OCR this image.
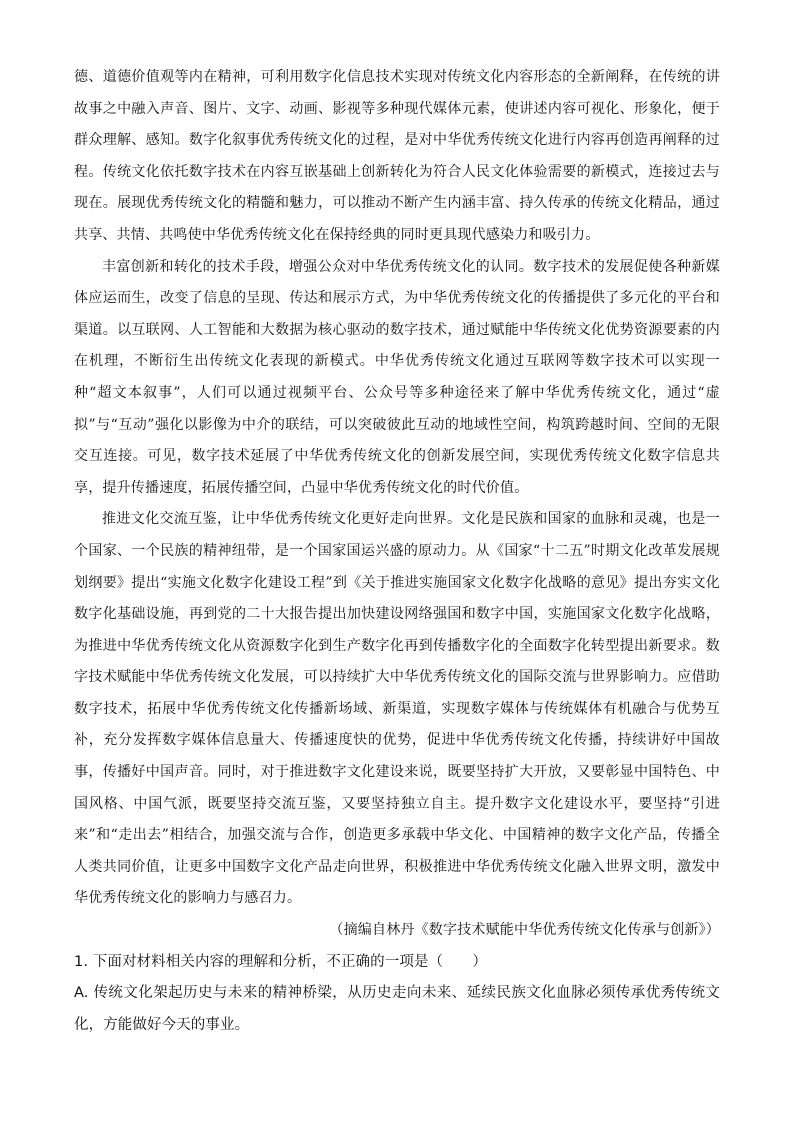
德、道德价值观等内在精神，可利用数字化信息技术实现对传统文化内容形态的全新阐释，在传统的讲故事之中融入声音、图片、文字、动画、影视等多种现代媒体元素，使讲述内容可视化、形象化，便于群众理解、感知。数字化叙事优秀传统文化的过程，是对中华优秀传统文化进行内容再创造再阐释的过程。传统文化依托数字技术在内容互嵌基础上创新转化为符合人民文化体验需要的新模式，连接过去与现在。展现优秀传统文化的精髓和魅力，可以推动不断产生内涵丰富、持久传承的传统文化精品，通过共享、共情、共鸣使中华优秀传统文化在保持经典的同时更具现代感染力和吸引力。

丰富创新和转化的技术手段，增强公众对中华优秀传统文化的认同。数字技术的发展促使各种新媒体应运而生，改变了信息的呈现、传达和展示方式，为中华优秀传统文化的传播提供了多元化的平台和渠道。以互联网、人工智能和大数据为核心驱动的数字技术，通过赋能中华传统文化优势资源要素的内在机理，不断衍生出传统文化表现的新模式。中华优秀传统文化通过互联网等数字技术可以实现一种“超文本叙事”，人们可以通过视频平台、公众号等多种途径来了解中华优秀传统文化，通过“虚拟”与“互动”强化以影像为中介的联结，可以突破彼此互动的地域性空间，构筑跨越时间、空间的无限交互连接。可见，数字技术延展了中华优秀传统文化的创新发展空间，实现优秀传统文化数字信息共享，提升传播速度，拓展传播空间，凸显中华优秀传统文化的时代价值。

推进文化交流互鉴，让中华优秀传统文化更好走向世界。文化是民族和国家的血脉和灵魂，也是一个国家、一个民族的精神纽带，是一个国家国运兴盛的原动力。从《国家“十二五”时期文化改革发展规划纲要》提出“实施文化数字化建设工程”到《关于推进实施国家文化数字化战略的意见》提出夯实文化数字化基础设施，再到党的二十大报告提出加快建设网络强国和数字中国，实施国家文化数字化战略，为推进中华优秀传统文化从资源数字化到生产数字化再到传播数字化的全面数字化转型提出新要求。数字技术赋能中华优秀传统文化发展，可以持续扩大中华优秀传统文化的国际交流与世界影响力。应借助数字技术，拓展中华优秀传统文化传播新场域、新渠道，实现数字媒体与传统媒体有机融合与优势互补，充分发挥数字媒体信息量大、传播速度快的优势，促进中华优秀传统文化传播，持续讲好中国故事，传播好中国声音。同时，对于推进数字文化建设来说，既要坚持扩大开放，又要彰显中国特色、中国风格、中国气派，既要坚持交流互鉴，又要坚持独立自主。提升数字文化建设水平，要坚持“引进来”和“走出去”相结合，加强交流与合作，创造更多承载中华文化、中国精神的数字文化产品，传播全人类共同价值，让更多中国数字文化产品走向世界，积极推进中华优秀传统文化融入世界文明，激发中华优秀传统文化的影响力与感召力。

（摘编自林丹《数字技术赋能中华优秀传统文化传承与创新》）

1. 下面对材料相关内容的理解和分析，不正确的一项是（　　）

A. 传统文化架起历史与未来的精神桥梁，从历史走向未来、延续民族文化血脉必须传承优秀传统文化，方能做好今天的事业。
